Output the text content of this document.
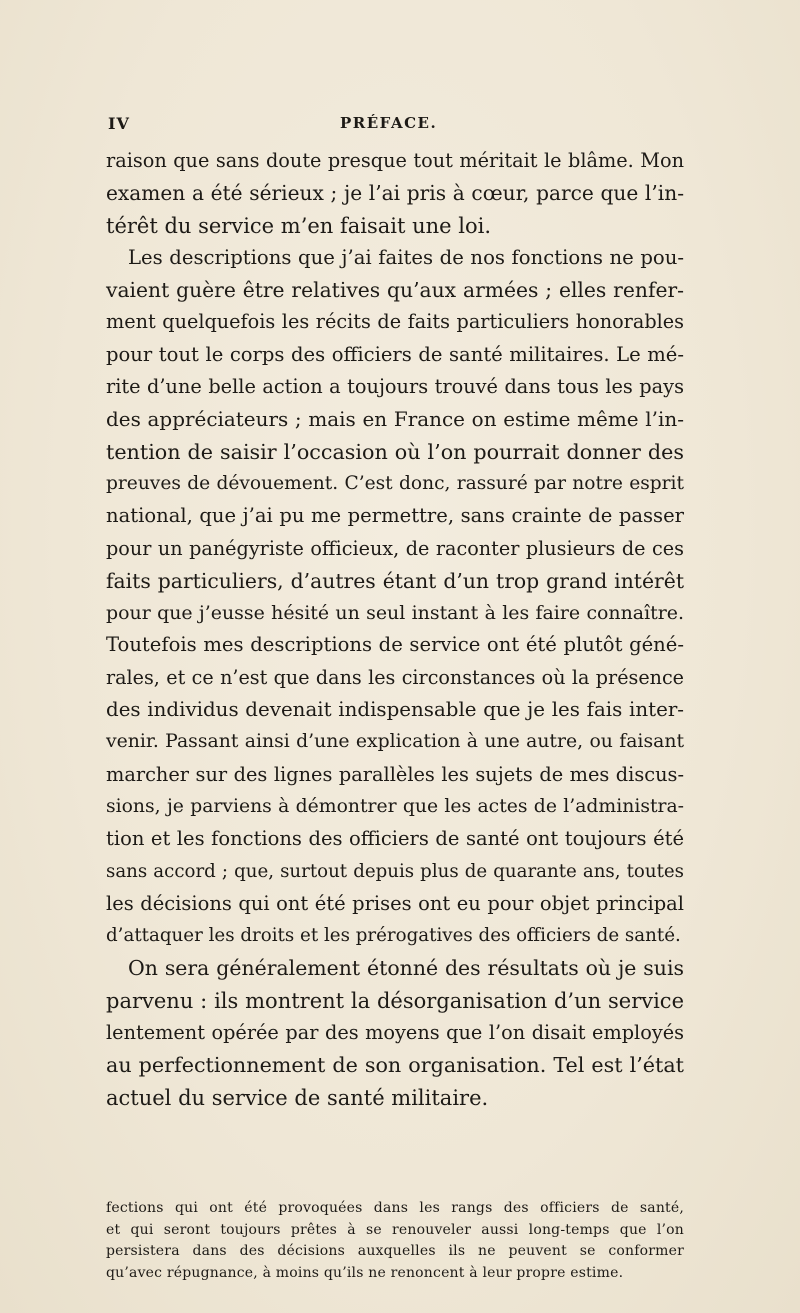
IV	PRÉFACE.
raison que sans doute presque tout méritait le blâme. Mon
examen a été sérieux ; je l’ai pris à cœur, parce que l’in-
térêt du service m’en faisait une loi.
Les descriptions que j’ai faites de nos fonctions ne pou-
vaient guère être relatives qu’aux armées ; elles renfer-
ment quelquefois les récits de faits particuliers honorables
pour tout le corps des officiers de santé militaires. Le mé-
rite d’une belle action a toujours trouvé dans tous les pays
des appréciateurs ; mais en France on estime même l’in-
tention de saisir l’occasion où l’on pourrait donner des
preuves de dévouement. C’est donc, rassuré par notre esprit
national, que j’ai pu me permettre, sans crainte de passer
pour un panégyriste officieux, de raconter plusieurs de ces
faits particuliers, d’autres étant d’un trop grand intérêt
pour que j’eusse hésité un seul instant à les faire connaître.
Toutefois mes descriptions de service ont été plutôt géné-
rales, et ce n’est que dans les circonstances où la présence
des individus devenait indispensable que je les fais inter-
venir. Passant ainsi d’une explication à une autre, ou faisant
marcher sur des lignes parallèles les sujets de mes discus-
sions, je parviens à démontrer que les actes de l’administra-
tion et les fonctions des officiers de santé ont toujours été
sans accord ; que, surtout depuis plus de quarante ans, toutes
les décisions qui ont été prises ont eu pour objet principal
d’attaquer les droits et les prérogatives des officiers de santé.
On sera généralement étonné des résultats où je suis
parvenu : ils montrent la désorganisation d’un service
lentement opérée par des moyens que l’on disait employés
au perfectionnement de son organisation. Tel est l’état
actuel du service de santé militaire.
fections qui ont été provoquées dans les rangs des officiers de santé,
et qui seront toujours prêtes à se renouveler aussi long-temps que l’on
persistera dans des décisions auxquelles ils ne peuvent se conformer
qu’avec répugnance, à moins qu’ils ne renoncent à leur propre estime.
